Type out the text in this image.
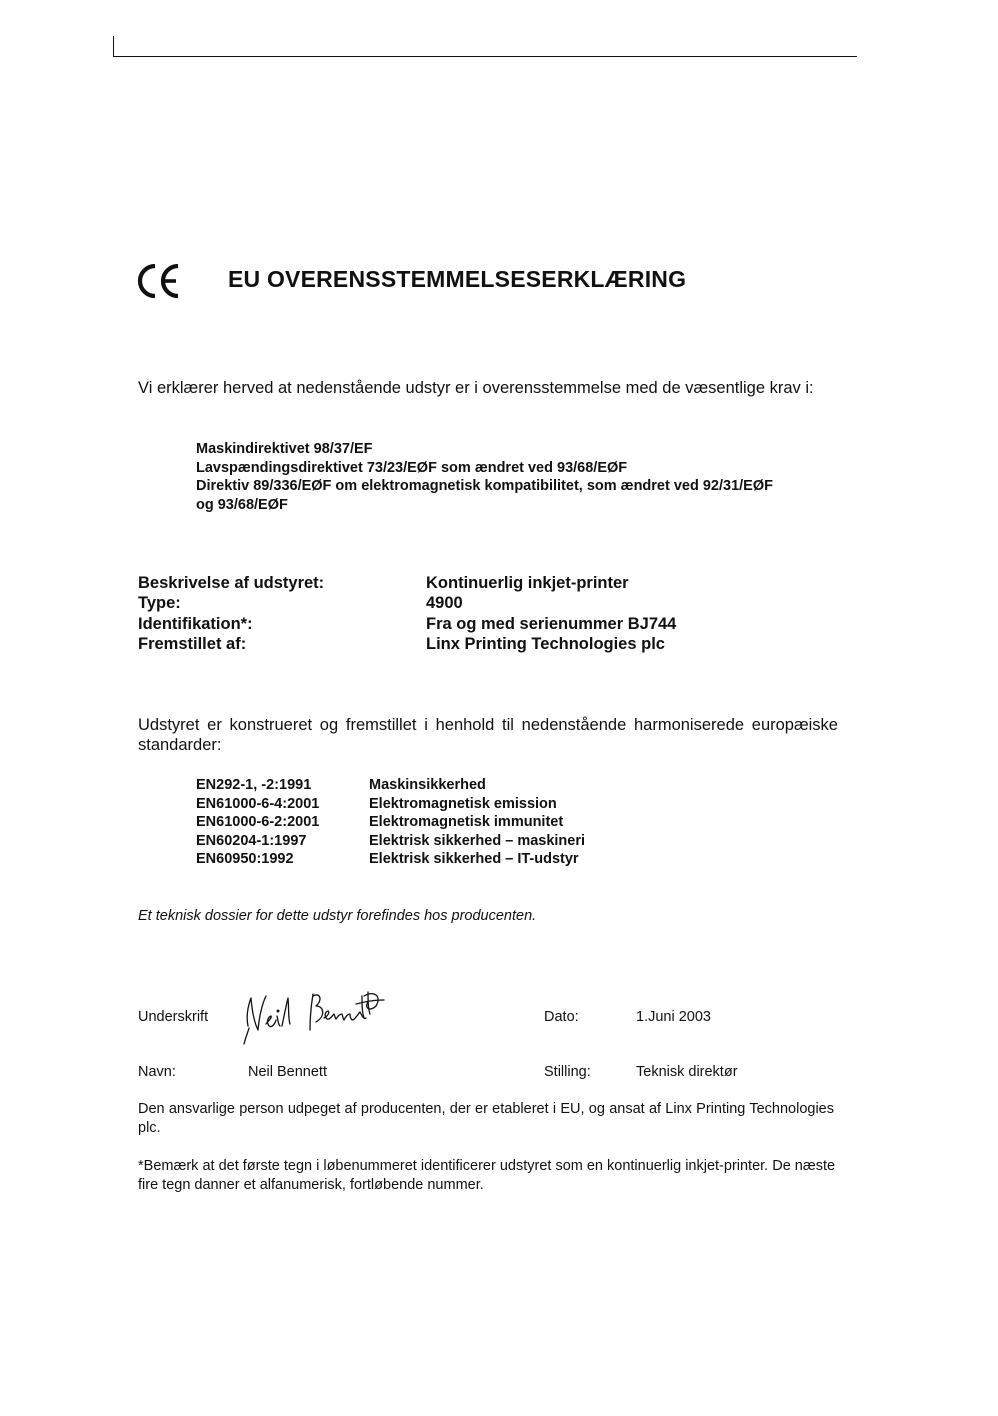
EU OVERENSSTEMMELSESERKLÆRING
Vi erklærer herved at nedenstående udstyr er i overensstemmelse med de væsentlige krav i:
Maskindirektivet 98/37/EF
Lavspændingsdirektivet 73/23/EØF som ændret ved 93/68/EØF
Direktiv 89/336/EØF om elektromagnetisk kompatibilitet, som ændret ved 92/31/EØF
og 93/68/EØF
Beskrivelse af udstyret:	Kontinuerlig inkjet-printer
Type:	4900
Identifikation*:	Fra og med serienummer BJ744
Fremstillet af:	Linx Printing Technologies plc
Udstyret er konstrueret og fremstillet i henhold til nedenstående harmoniserede europæiske standarder:
EN292-1, -2:1991	Maskinsikkerhed
EN61000-6-4:2001	Elektromagnetisk emission
EN61000-6-2:2001	Elektromagnetisk immunitet
EN60204-1:1997	Elektrisk sikkerhed – maskineri
EN60950:1992	Elektrisk sikkerhed – IT-udstyr
Et teknisk dossier for dette udstyr forefindes hos producenten.
Underskrift	Dato:	1.Juni 2003
Navn:	Neil Bennett	Stilling:	Teknisk direktør
Den ansvarlige person udpeget af producenten, der er etableret i EU, og ansat af Linx Printing Technologies plc.
*Bemærk at det første tegn i løbenummeret identificerer udstyret som en kontinuerlig inkjet-printer. De næste fire tegn danner et alfanumerisk, fortløbende nummer.
